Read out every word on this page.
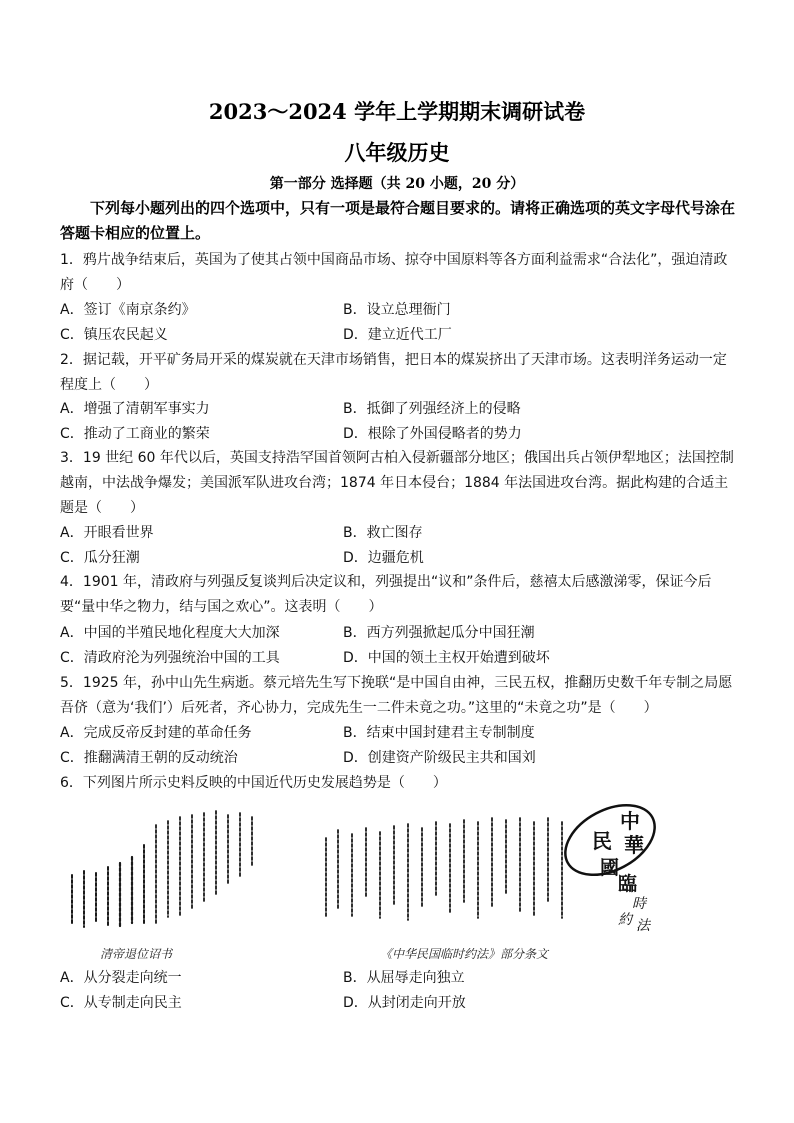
2023～2024 学年上学期期末调研试卷
八年级历史
第一部分 选择题（共 20 小题，20 分）
下列每小题列出的四个选项中，只有一项是最符合题目要求的。请将正确选项的英文字母代号涂在答题卡相应的位置上。
1．鸦片战争结束后，英国为了使其占领中国商品市场、掠夺中国原料等各方面利益需求“合法化”，强迫清政府（　　）
A．签订《南京条约》	B．设立总理衙门
C．镇压农民起义	D．建立近代工厂
2．据记载，开平矿务局开采的煤炭就在天津市场销售，把日本的煤炭挤出了天津市场。这表明洋务运动一定程度上（　　）
A．增强了清朝军事实力	B．抵御了列强经济上的侵略
C．推动了工商业的繁荣	D．根除了外国侵略者的势力
3．19 世纪 60 年代以后，英国支持浩罕国首领阿古柏入侵新疆部分地区；俄国出兵占领伊犁地区；法国控制越南，中法战争爆发；美国派军队进攻台湾；1874 年日本侵台；1884 年法国进攻台湾。据此构建的合适主题是（　　）
A．开眼看世界	B．救亡图存
C．瓜分狂潮	D．边疆危机
4．1901 年，清政府与列强反复谈判后决定议和，列强提出“议和”条件后，慈禧太后感激涕零，保证今后要“量中华之物力，结与国之欢心”。这表明（　　）
A．中国的半殖民地化程度大大加深	B．西方列强掀起瓜分中国狂潮
C．清政府沦为列强统治中国的工具	D．中国的领土主权开始遭到破坏
5．1925 年，孙中山先生病逝。蔡元培先生写下挽联“是中国自由神，三民五权，推翻历史数千年专制之局愿吾侪（意为‘我们’）后死者，齐心协力，完成先生一二件未竟之功。”这里的“未竟之功”是（　　）
A．完成反帝反封建的革命任务	B．结束中国封建君主专制制度
C．推翻满清王朝的反动统治	D．创建资产阶级民主共和国刘
6．下列图片所示史料反映的中国近代历史发展趋势是（　　）
清帝退位诏书
中
民 華
國
臨
時
約 法
《中华民国临时约法》部分条文
A．从分裂走向统一	B．从屈辱走向独立
C．从专制走向民主	D．从封闭走向开放
